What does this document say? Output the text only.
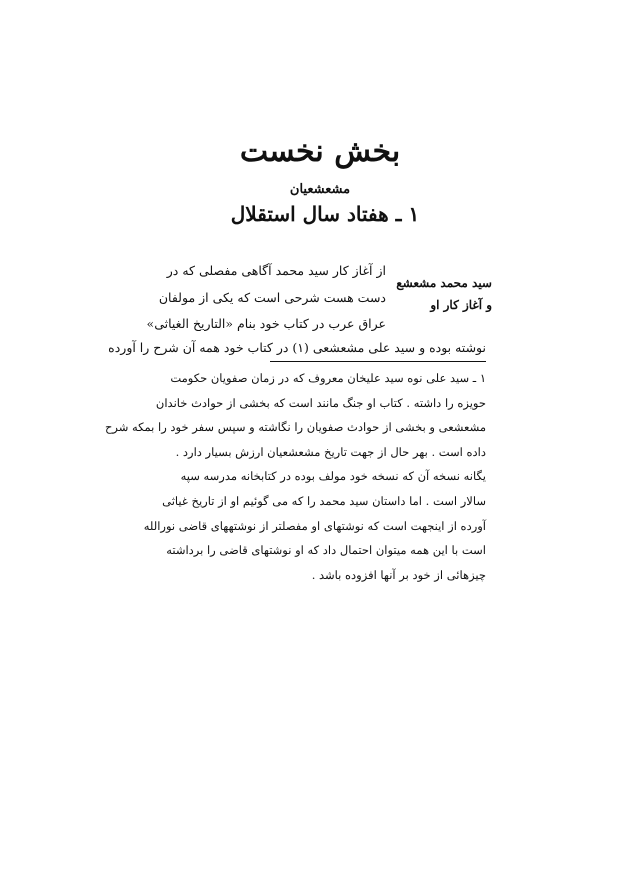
بخش نخست
مشعشعیان
۱ ـ هفتاد سال استقلال
سید محمد مشعشع
و آغاز کار او
از آغاز کار سید محمد آگاهی مفصلی که در
دست هست شرحی است که یکی از مولفان
عراق عرب در کتاب خود بنام «التاریخ الغیاثی»
نوشته بوده و سید علی مشعشعی (۱) در کتاب خود همه آن شرح را آورده
۱ ـ سید علی نوه سید علیخان معروف که در زمان صفویان حکومت
حویزه را داشته . کتاب او جنگ مانند است که بخشی از حوادث خاندان
مشعشعی و بخشی از حوادث صفویان را نگاشته و سپس سفر خود را بمکه شرح
داده است . بهر حال از جهت تاریخ مشعشعیان ارزش بسیار دارد .
یگانه نسخه آن که نسخه خود مولف بوده در کتابخانه مدرسه سپه
سالار است . اما داستان سید محمد را که می گوئیم او از تاریخ غیاثی
آورده از اینجهت است که نوشتهای او مفصلتر از نوشتههای قاضی نورالله
است با این همه میتوان احتمال داد که او نوشتهای قاضی را برداشته
چیزهائی از خود بر آنها افزوده باشد .
